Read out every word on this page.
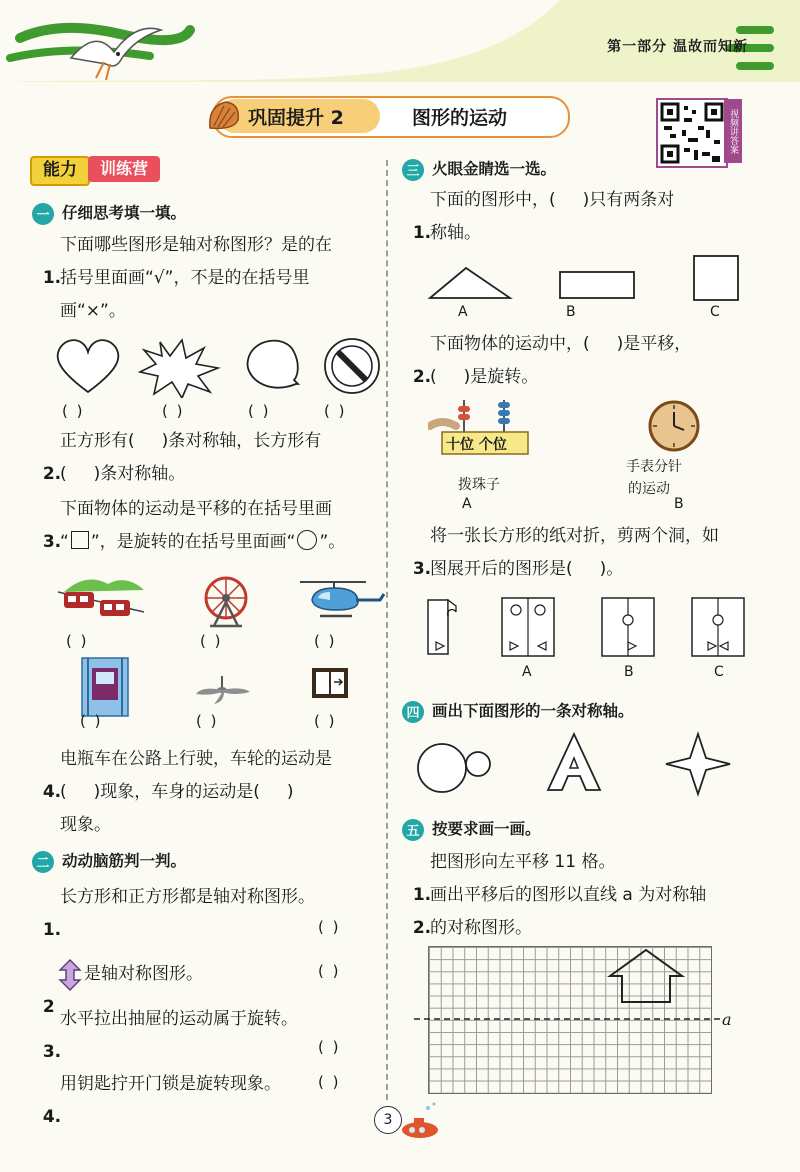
第一部分 温故而知新
巩固提升 2	图形的运动	视频讲答案
能力	训练营
一 仔细思考填一填。

1.

下面哪些图形是轴对称图形？是的在

括号里面画“√”，不是的在括号里

画“×”。

( )	( )	( )	( )

2.

正方形有(     )条对称轴，长方形有

(     )条对称轴。

3.

下面物体的运动是平移的在括号里画

“ ”，是旋转的在括号里面画“ ”。

( )	( )	( )
( )	( )	( )

4.

电瓶车在公路上行驶，车轮的运动是

(     )现象，车身的运动是(     )

现象。

二 动动脑筋判一判。

1.

长方形和正方形都是轴对称图形。

( )

2

是轴对称图形。	( )

3.

水平拉出抽屉的运动属于旋转。

( )

4.

用钥匙拧开门锁是旋转现象。 ( )
三 火眼金睛选一选。

1.

下面的图形中，(     )只有两条对

称轴。

A	B	C

2.

下面物体的运动中，(     )是平移，

(     )是旋转。

十位 个位
拨珠子
A
手表分针
的运动
B

3.

将一张长方形的纸对折，剪两个洞，如

图展开后的图形是(     )。

A	B	C
四 画出下面图形的一条对称轴。
五 按要求画一画。

1.

把图形向左平移 11 格。

2.

画出平移后的图形以直线 a 为对称轴

的对称图形。

a
3
